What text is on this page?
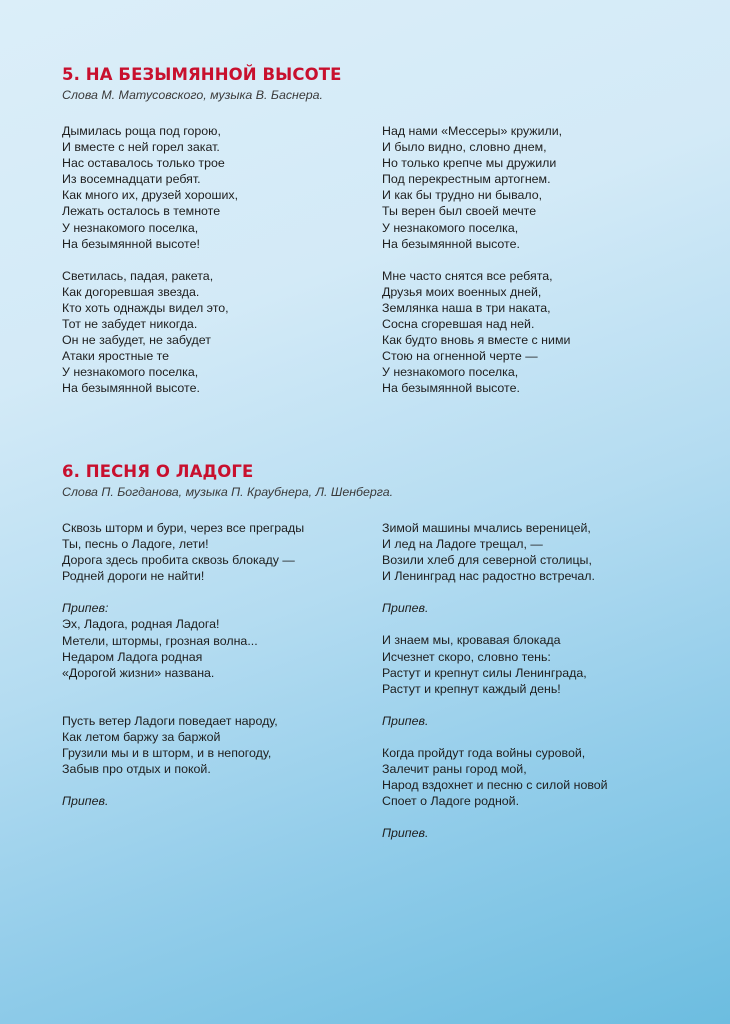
5. НА БЕЗЫМЯННОЙ ВЫСОТЕ

Слова М. Матусовского, музыка В. Баснера.

Дымилась роща под горою,
И вместе с ней горел закат.
Нас оставалось только трое
Из восемнадцати ребят.
Как много их, друзей хороших,
Лежать осталось в темноте
У незнакомого поселка,
На безымянной высоте!
Светилась, падая, ракета,
Как догоревшая звезда.
Кто хоть однажды видел это,
Тот не забудет никогда.
Он не забудет, не забудет
Атаки яростные те
У незнакомого поселка,
На безымянной высоте.
Над нами «Мессеры» кружили,
И было видно, словно днем,
Но только крепче мы дружили
Под перекрестным артогнем.
И как бы трудно ни бывало,
Ты верен был своей мечте
У незнакомого поселка,
На безымянной высоте.
Мне часто снятся все ребята,
Друзья моих военных дней,
Землянка наша в три наката,
Сосна сгоревшая над ней.
Как будто вновь я вместе с ними
Стою на огненной черте —
У незнакомого поселка,
На безымянной высоте.
6. ПЕСНЯ О ЛАДОГЕ

Слова П. Богданова, музыка П. Краубнера, Л. Шенберга.

Сквозь шторм и бури, через все преграды
Ты, песнь о Ладоге, лети!
Дорога здесь пробита сквозь блокаду —
Родней дороги не найти!
Припев:
Эх, Ладога, родная Ладога!
Метели, штормы, грозная волна...
Недаром Ладога родная
«Дорогой жизни» названа.
Пусть ветер Ладоги поведает народу,
Как летом баржу за баржой
Грузили мы и в шторм, и в непогоду,
Забыв про отдых и покой.
Припев.
Зимой машины мчались вереницей,
И лед на Ладоге трещал, —
Возили хлеб для северной столицы,
И Ленинград нас радостно встречал.
Припев.
И знаем мы, кровавая блокада
Исчезнет скоро, словно тень:
Растут и крепнут силы Ленинграда,
Растут и крепнут каждый день!
Припев.
Когда пройдут года войны суровой,
Залечит раны город мой,
Народ вздохнет и песню с силой новой
Споет о Ладоге родной.
Припев.
